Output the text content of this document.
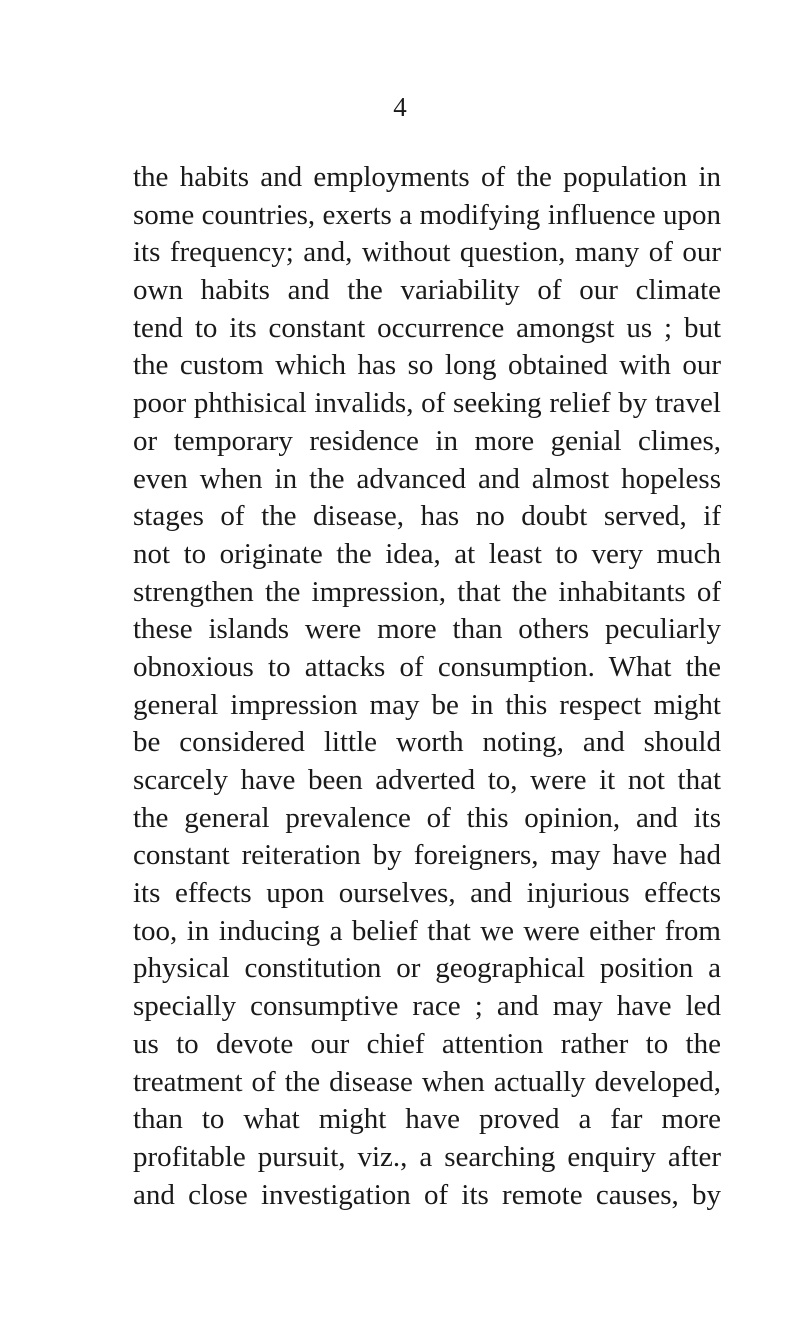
4
the habits and employments of the population in
some countries, exerts a modifying influence upon
its frequency; and, without question, many of our
own habits and the variability of our climate
tend to its constant occurrence amongst us ; but
the custom which has so long obtained with our
poor phthisical invalids, of seeking relief by travel
or temporary residence in more genial climes,
even when in the advanced and almost hopeless
stages of the disease, has no doubt served, if
not to originate the idea, at least to very much
strengthen the impression, that the inhabitants of
these islands were more than others peculiarly
obnoxious to attacks of consumption. What the
general impression may be in this respect might
be considered little worth noting, and should
scarcely have been adverted to, were it not that
the general prevalence of this opinion, and its
constant reiteration by foreigners, may have had
its effects upon ourselves, and injurious effects
too, in inducing a belief that we were either from
physical constitution or geographical position a
specially consumptive race ; and may have led
us to devote our chief attention rather to the
treatment of the disease when actually developed,
than to what might have proved a far more
profitable pursuit, viz., a searching enquiry after
and close investigation of its remote causes, by
